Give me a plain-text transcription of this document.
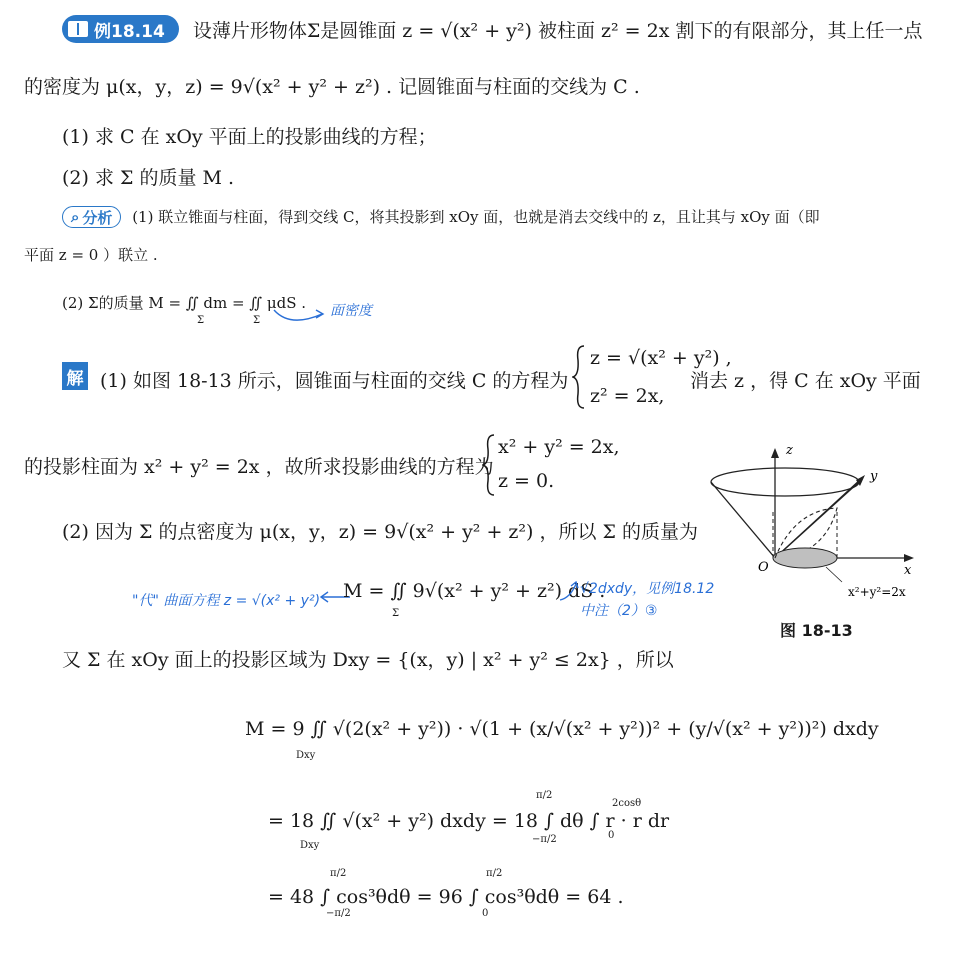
例18.14 设薄片形物体Σ是圆锥面 z = √(x² + y²) 被柱面 z² = 2x 割下的有限部分，其上任一点
的密度为 μ(x，y，z) = 9√(x² + y² + z²) . 记圆锥面与柱面的交线为 C .
(1) 求 C 在 xOy 平面上的投影曲线的方程；
(2) 求 Σ 的质量 M .
⌕ 分析 (1) 联立锥面与柱面，得到交线 C，将其投影到 xOy 面，也就是消去交线中的 z，且让其与 xOy 面（即
平面 z = 0 ）联立 .
(2) Σ的质量 M = ∬ dm = ∬ μdS .
Σ	Σ
面密度
解 (1) 如图 18-13 所示，圆锥面与柱面的交线 C 的方程为
z = √(x² + y²) ,
z² = 2x,
消去 z ，得 C 在 xOy 平面
的投影柱面为 x² + y² = 2x ，故所求投影曲线的方程为
x² + y² = 2x,
z = 0.
(2) 因为 Σ 的点密度为 μ(x，y，z) = 9√(x² + y² + z²) ，所以 Σ 的质量为
"代" 曲面方程 z = √(x² + y²) M = ∬ 9√(x² + y² + z²) dS .
Σ
√2dxdy，见例18.12
中注（2）③
又 Σ 在 xOy 面上的投影区域为 Dxy = {(x，y) | x² + y² ≤ 2x} ，所以
M = 9 ∬ √(2(x² + y²)) · √(1 + (x/√(x² + y²))² + (y/√(x² + y²))²) dxdy
Dxy
= 18 ∬ √(x² + y²) dxdy = 18 ∫ dθ ∫ r · r dr
Dxy
π/2
−π/2
2cosθ
0
= 48 ∫ cos³θdθ = 96 ∫ cos³θdθ = 64 .
π/2
−π/2
π/2
0
z
y
x
O
x²+y²=2x
图 18-13
